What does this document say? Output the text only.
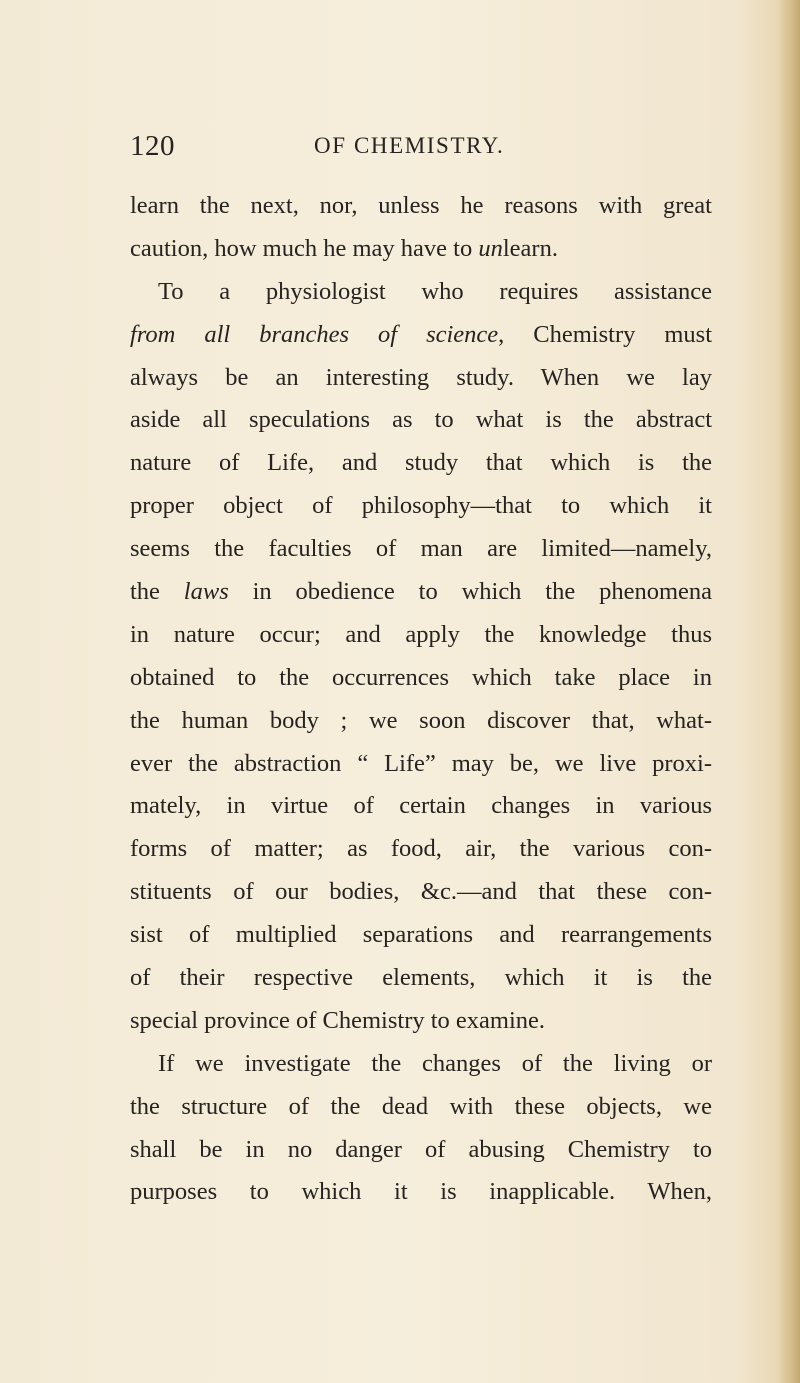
120	OF CHEMISTRY.
learn the next, nor, unless he reasons with great
caution, how much he may have to unlearn.
To a physiologist who requires assistance
from all branches of science, Chemistry must
always be an interesting study. When we lay
aside all speculations as to what is the abstract
nature of Life, and study that which is the
proper object of philosophy—that to which it
seems the faculties of man are limited—namely,
the laws in obedience to which the phenomena
in nature occur; and apply the knowledge thus
obtained to the occurrences which take place in
the human body ; we soon discover that, what-
ever the abstraction “ Life” may be, we live proxi-
mately, in virtue of certain changes in various
forms of matter; as food, air, the various con-
stituents of our bodies, &c.—and that these con-
sist of multiplied separations and rearrangements
of their respective elements, which it is the
special province of Chemistry to examine.
If we investigate the changes of the living or
the structure of the dead with these objects, we
shall be in no danger of abusing Chemistry to
purposes to which it is inapplicable. When,
